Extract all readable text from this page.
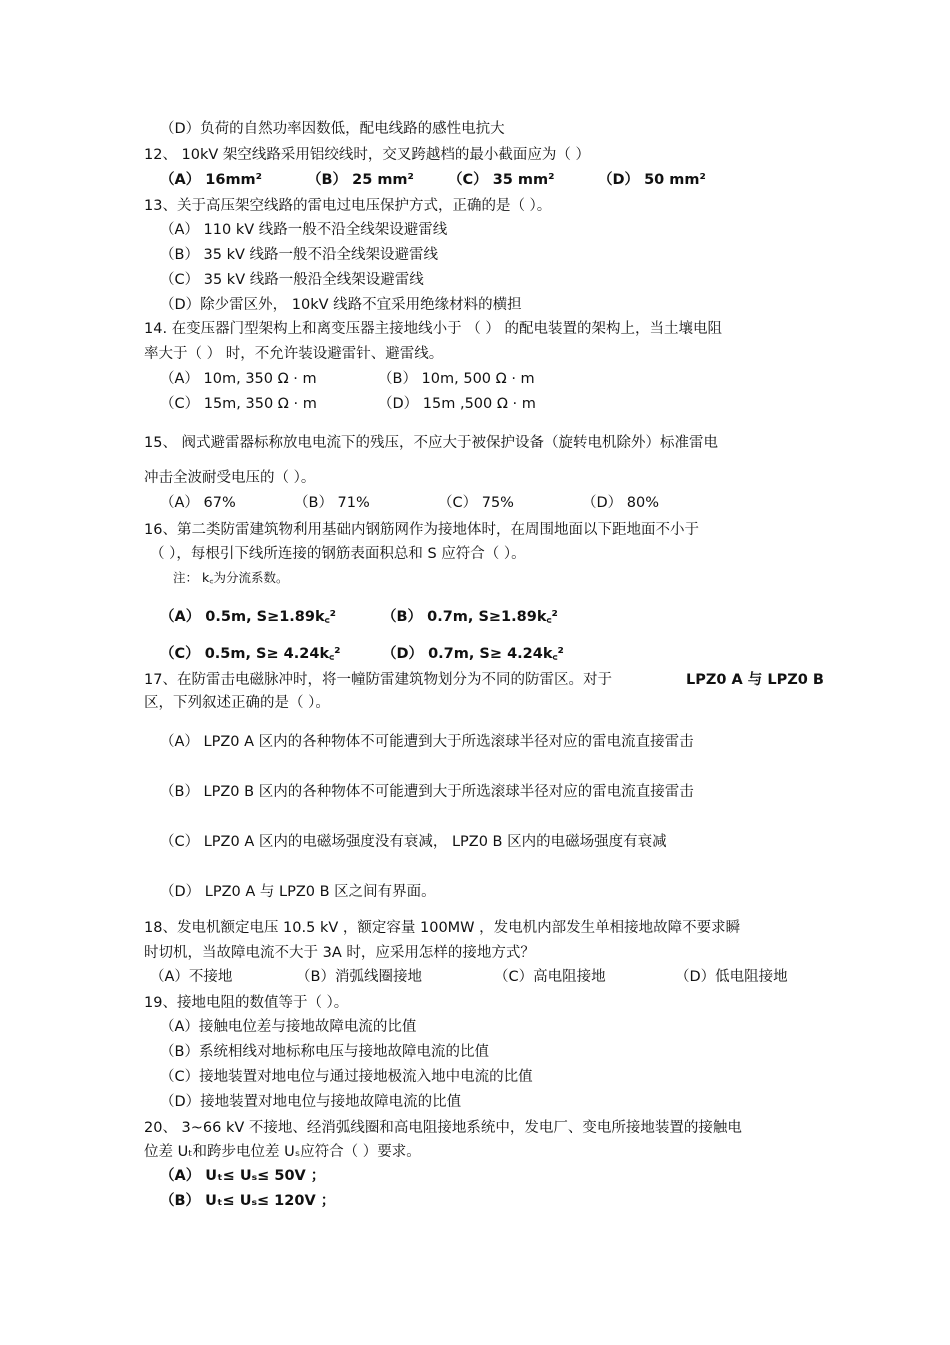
（D）负荷的自然功率因数低，配电线路的感性电抗大
12、 10kV 架空线路采用铝绞线时，交叉跨越档的最小截面应为（ ）
（A） 16mm²	（B） 25 mm² （C） 35 mm²	（D） 50 mm²
13、关于高压架空线路的雷电过电压保护方式，正确的是（ ）。
（A） 110 kV 线路一般不沿全线架设避雷线
（B） 35 kV 线路一般不沿全线架设避雷线
（C） 35 kV 线路一般沿全线架设避雷线
（D）除少雷区外， 10kV 线路不宜采用绝缘材料的横担
14. 在变压器门型架构上和离变压器主接地线小于 （ ） 的配电装置的架构上，当土壤电阻
率大于（ ） 时，不允许装设避雷针、避雷线。
（A） 10m, 350 Ω · m	（B） 10m, 500 Ω · m
（C） 15m, 350 Ω · m	（D） 15m ,500 Ω · m
15、 阀式避雷器标称放电电流下的残压，不应大于被保护设备（旋转电机除外）标准雷电
冲击全波耐受电压的（ ）。
（A） 67%	（B） 71%	（C） 75%	（D） 80%
16、第二类防雷建筑物利用基础内钢筋网作为接地体时，在周围地面以下距地面不小于
（ ），每根引下线所连接的钢筋表面积总和 S 应符合（ ）。
注： k꜀为分流系数。
（A） 0.5m, S≥1.89k꜀²	（B） 0.7m, S≥1.89k꜀²
（C） 0.5m, S≥ 4.24k꜀²	（D） 0.7m, S≥ 4.24k꜀²
17、在防雷击电磁脉冲时，将一幢防雷建筑物划分为不同的防雷区。对于	LPZ0 A 与 LPZ0 B
区，下列叙述正确的是（ ）。
（A） LPZ0 A 区内的各种物体不可能遭到大于所选滚球半径对应的雷电流直接雷击
（B） LPZ0 B 区内的各种物体不可能遭到大于所选滚球半径对应的雷电流直接雷击
（C） LPZ0 A 区内的电磁场强度没有衰减， LPZ0 B 区内的电磁场强度有衰减
（D） LPZ0 A 与 LPZ0 B 区之间有界面。
18、发电机额定电压 10.5 kV ，额定容量 100MW ，发电机内部发生单相接地故障不要求瞬
时切机，当故障电流不大于 3A 时，应采用怎样的接地方式？
（A）不接地	（B）消弧线圈接地	（C）高电阻接地	（D）低电阻接地
19、接地电阻的数值等于（ ）。
（A）接触电位差与接地故障电流的比值
（B）系统相线对地标称电压与接地故障电流的比值
（C）接地装置对地电位与通过接地极流入地中电流的比值
（D）接地装置对地电位与接地故障电流的比值
20、 3~66 kV 不接地、经消弧线圈和高电阻接地系统中，发电厂、变电所接地装置的接触电
位差 Uₜ和跨步电位差 Uₛ应符合（ ）要求。
（A） Uₜ≤ Uₛ≤ 50V ；
（B） Uₜ≤ Uₛ≤ 120V ；
